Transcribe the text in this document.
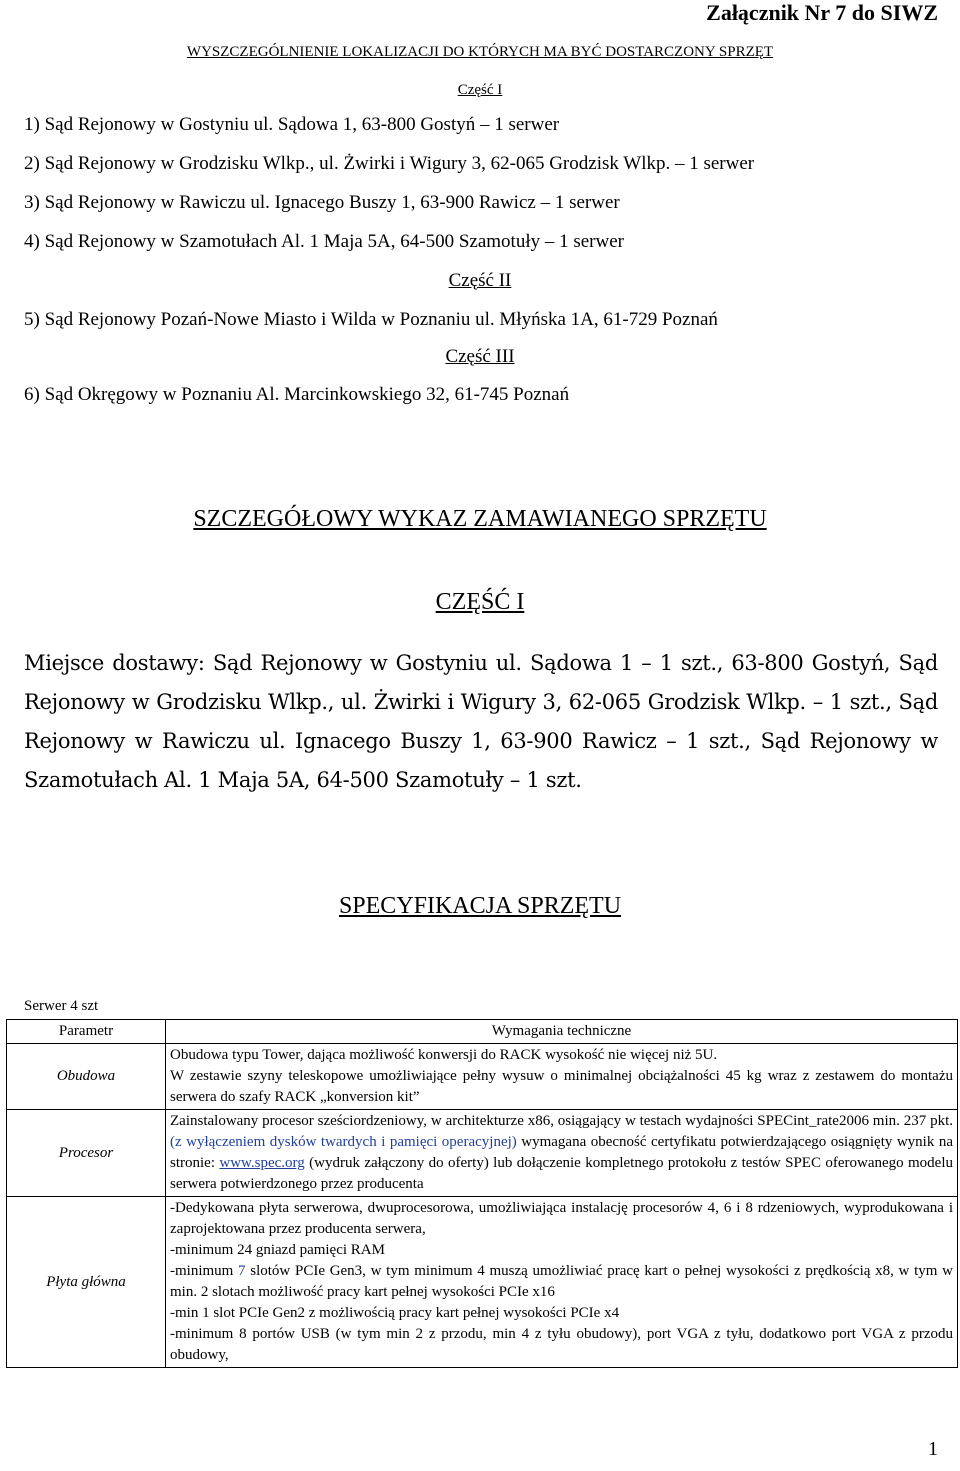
Załącznik Nr 7 do SIWZ
WYSZCZEGÓLNIENIE LOKALIZACJI DO KTÓRYCH MA BYĆ DOSTARCZONY SPRZĘT
Część I
1) Sąd Rejonowy w Gostyniu ul. Sądowa 1, 63-800 Gostyń – 1 serwer
2) Sąd Rejonowy w Grodzisku Wlkp., ul. Żwirki i Wigury 3, 62-065 Grodzisk Wlkp. – 1 serwer
3) Sąd Rejonowy w Rawiczu ul. Ignacego Buszy 1, 63-900 Rawicz – 1 serwer
4) Sąd Rejonowy w Szamotułach Al. 1 Maja 5A, 64-500 Szamotuły – 1 serwer
Część II
5) Sąd Rejonowy Pozań-Nowe Miasto i Wilda w Poznaniu ul. Młyńska 1A, 61-729 Poznań
Część III
6) Sąd Okręgowy w Poznaniu Al. Marcinkowskiego 32, 61-745 Poznań
SZCZEGÓŁOWY WYKAZ ZAMAWIANEGO SPRZĘTU
CZĘŚĆ I
Miejsce dostawy: Sąd Rejonowy w Gostyniu ul. Sądowa 1 – 1 szt., 63-800 Gostyń, Sąd
Rejonowy w Grodzisku Wlkp., ul. Żwirki i Wigury 3, 62-065 Grodzisk Wlkp. – 1 szt., Sąd
Rejonowy w Rawiczu ul. Ignacego Buszy 1, 63-900 Rawicz – 1 szt., Sąd Rejonowy w
Szamotułach Al. 1 Maja 5A, 64-500 Szamotuły – 1 szt.
SPECYFIKACJA SPRZĘTU
Serwer 4 szt
Parametr	Wymagania techniczne
Obudowa	Obudowa typu Tower, dająca możliwość konwersji do RACK wysokość nie więcej niż 5U.
W zestawie szyny teleskopowe umożliwiające pełny wysuw o minimalnej obciążalności 45 kg wraz z zestawem do montażu serwera do szafy RACK „konversion kit”

Procesor	Zainstalowany procesor sześciordzeniowy, w architekturze x86, osiągający w testach wydajności SPECint_rate2006 min. 237 pkt. (z wyłączeniem dysków twardych i pamięci operacyjnej) wymagana obecność certyfikatu potwierdzającego osiągnięty wynik na stronie: www.spec.org (wydruk załączony do oferty) lub dołączenie kompletnego protokołu z testów SPEC oferowanego modelu serwera potwierdzonego przez producenta
Płyta główna	-Dedykowana płyta serwerowa, dwuprocesorowa, umożliwiająca instalację procesorów 4, 6 i 8 rdzeniowych, wyprodukowana i zaprojektowana przez producenta serwera,
-minimum 24 gniazd pamięci RAM
-minimum 7 slotów PCIe Gen3, w tym minimum 4 muszą umożliwiać pracę kart o pełnej wysokości z prędkością x8, w tym w min. 2 slotach możliwość pracy kart pełnej wysokości PCIe x16
-min 1 slot PCIe Gen2 z możliwością pracy kart pełnej wysokości PCIe x4
-minimum 8 portów USB (w tym min 2 z przodu, min 4 z tyłu obudowy), port VGA z tyłu, dodatkowo port VGA z przodu obudowy,
1
